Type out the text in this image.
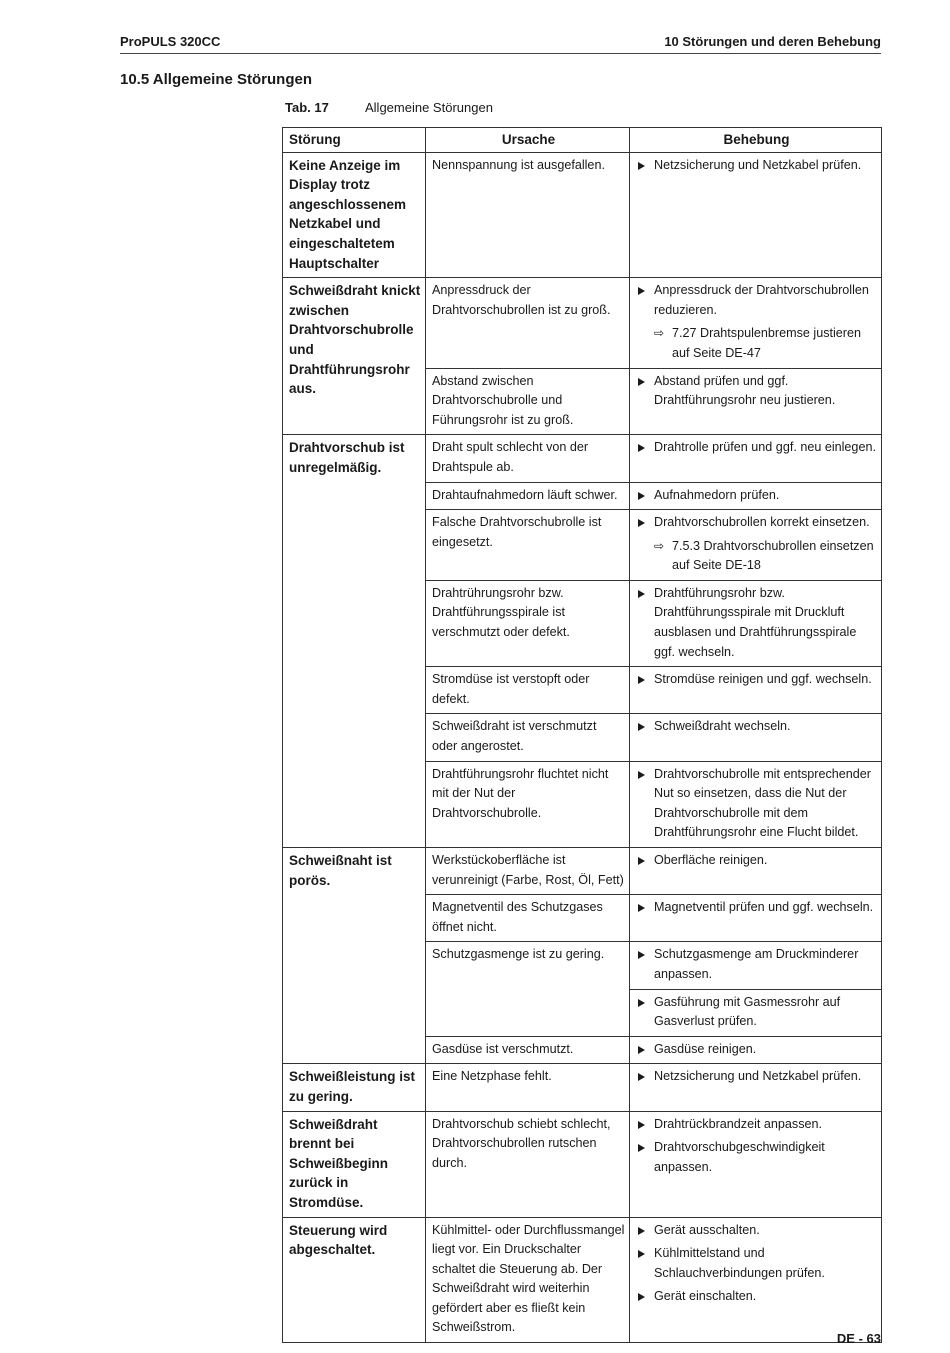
ProPULS 320CC	10 Störungen und deren Behebung
10.5 Allgemeine Störungen
Tab. 17	Allgemeine Störungen
Störung	Ursache	Behebung
Keine Anzeige im Display trotz angeschlossenem Netzkabel und eingeschaltetem Hauptschalter	Nennspannung ist ausgefallen.	Netzsicherung und Netzkabel prüfen.

Schweißdraht knickt zwischen Drahtvorschubrolle und Drahtführungsrohr aus.	Anpressdruck der Drahtvorschubrollen ist zu groß.	Anpressdruck der Drahtvorschubrollen reduzieren.
⇨ 7.27 Drahtspulenbremse justieren auf Seite DE-47

	Abstand zwischen Drahtvorschubrolle und Führungsrohr ist zu groß.	Abstand prüfen und ggf. Drahtführungsrohr neu justieren.

Drahtvorschub ist unregelmäßig.	Draht spult schlecht von der Drahtspule ab.	Drahtrolle prüfen und ggf. neu einlegen.

	Drahtaufnahmedorn läuft schwer.	Aufnahmedorn prüfen.

	Falsche Drahtvorschubrolle ist eingesetzt.	Drahtvorschubrollen korrekt einsetzen.
⇨ 7.5.3 Drahtvorschubrollen einsetzen auf Seite DE-18

	Drahtrührungsrohr bzw. Drahtführungsspirale ist verschmutzt oder defekt.	Drahtführungsrohr bzw. Drahtführungsspirale mit Druckluft ausblasen und Drahtführungsspirale ggf. wechseln.

	Stromdüse ist verstopft oder defekt.	Stromdüse reinigen und ggf. wechseln.

	Schweißdraht ist verschmutzt oder angerostet.	Schweißdraht wechseln.

	Drahtführungsrohr fluchtet nicht mit der Nut der Drahtvorschubrolle.	Drahtvorschubrolle mit entsprechender Nut so einsetzen, dass die Nut der Drahtvorschubrolle mit dem Drahtführungsrohr eine Flucht bildet.

Schweißnaht ist porös.	Werkstückoberfläche ist verunreinigt (Farbe, Rost, Öl, Fett)	Oberfläche reinigen.

	Magnetventil des Schutzgases öffnet nicht.	Magnetventil prüfen und ggf. wechseln.

	Schutzgasmenge ist zu gering.	Schutzgasmenge am Druckminderer anpassen.

		Gasführung mit Gasmessrohr auf Gasverlust prüfen.

	Gasdüse ist verschmutzt.	Gasdüse reinigen.

Schweißleistung ist zu gering.	Eine Netzphase fehlt.	Netzsicherung und Netzkabel prüfen.

Schweißdraht brennt bei Schweißbeginn zurück in Stromdüse.	Drahtvorschub schiebt schlecht, Drahtvorschubrollen rutschen durch.	Drahtrückbrandzeit anpassen.
Drahtvorschubgeschwindigkeit anpassen.

Steuerung wird abgeschaltet.	Kühlmittel- oder Durchflussmangel liegt vor. Ein Druckschalter schaltet die Steuerung ab. Der Schweißdraht wird weiterhin gefördert aber es fließt kein Schweißstrom.	Gerät ausschalten.
Kühlmittelstand und Schlauchverbindungen prüfen.
Gerät einschalten.
DE - 63
